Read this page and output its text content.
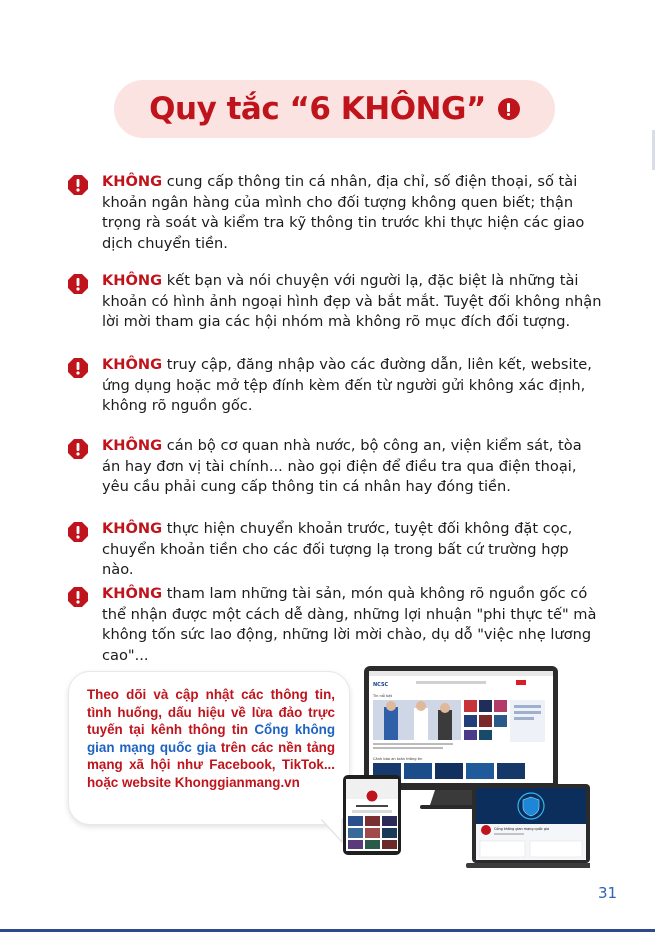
Quy tắc “6 KHÔNG”

KHÔNG cung cấp thông tin cá nhân, địa chỉ, số điện thoại, số tài khoản ngân hàng của mình cho đối tượng không quen biết; thận trọng rà soát và kiểm tra kỹ thông tin trước khi thực hiện các giao dịch chuyển tiền.

KHÔNG kết bạn và nói chuyện với người lạ, đặc biệt là những tài khoản có hình ảnh ngoại hình đẹp và bắt mắt. Tuyệt đối không nhận lời mời tham gia các hội nhóm mà không rõ mục đích đối tượng.

KHÔNG truy cập, đăng nhập vào các đường dẫn, liên kết, website, ứng dụng hoặc mở tệp đính kèm đến từ người gửi không xác định, không rõ nguồn gốc.

KHÔNG cán bộ cơ quan nhà nước, bộ công an, viện kiểm sát, tòa án hay đơn vị tài chính... nào gọi điện để điều tra qua điện thoại, yêu cầu phải cung cấp thông tin cá nhân hay đóng tiền.

KHÔNG thực hiện chuyển khoản trước, tuyệt đối không đặt cọc, chuyển khoản tiền cho các đối tượng lạ trong bất cứ trường hợp nào.

KHÔNG tham lam những tài sản, món quà không rõ nguồn gốc có thể nhận được một cách dễ dàng, những lợi nhuận "phi thực tế" mà không tốn sức lao động, những lời mời chào, dụ dỗ "việc nhẹ lương cao"...

Theo dõi và cập nhật các thông tin, tình huống, dấu hiệu về lừa đảo trực tuyến tại kênh thông tin Cổng không gian mạng quốc gia trên các nền tảng mạng xã hội như Facebook, TikTok... hoặc website Khonggianmang.vn

NCSC
Tin nổi bật
Cảnh báo an toàn thông tin
Cổng không gian mạng quốc gia
31
